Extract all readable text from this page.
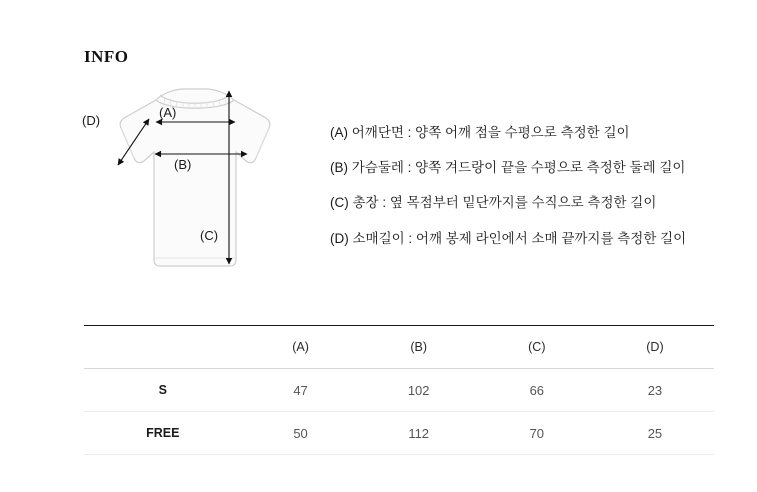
INFO
(D)
(A)
(B)
(C)
(A) 어깨단면 : 양쪽 어깨 점을 수평으로 측정한 길이
(B) 가슴둘레 : 양쪽 겨드랑이 끝을 수평으로 측정한 둘레 길이
(C) 총장 : 옆 목점부터 밑단까지를 수직으로 측정한 길이
(D) 소매길이 : 어깨 봉제 라인에서 소매 끝까지를 측정한 길이
	(A)	(B)	(C)	(D)
S	47	102	66	23
FREE	50	112	70	25
